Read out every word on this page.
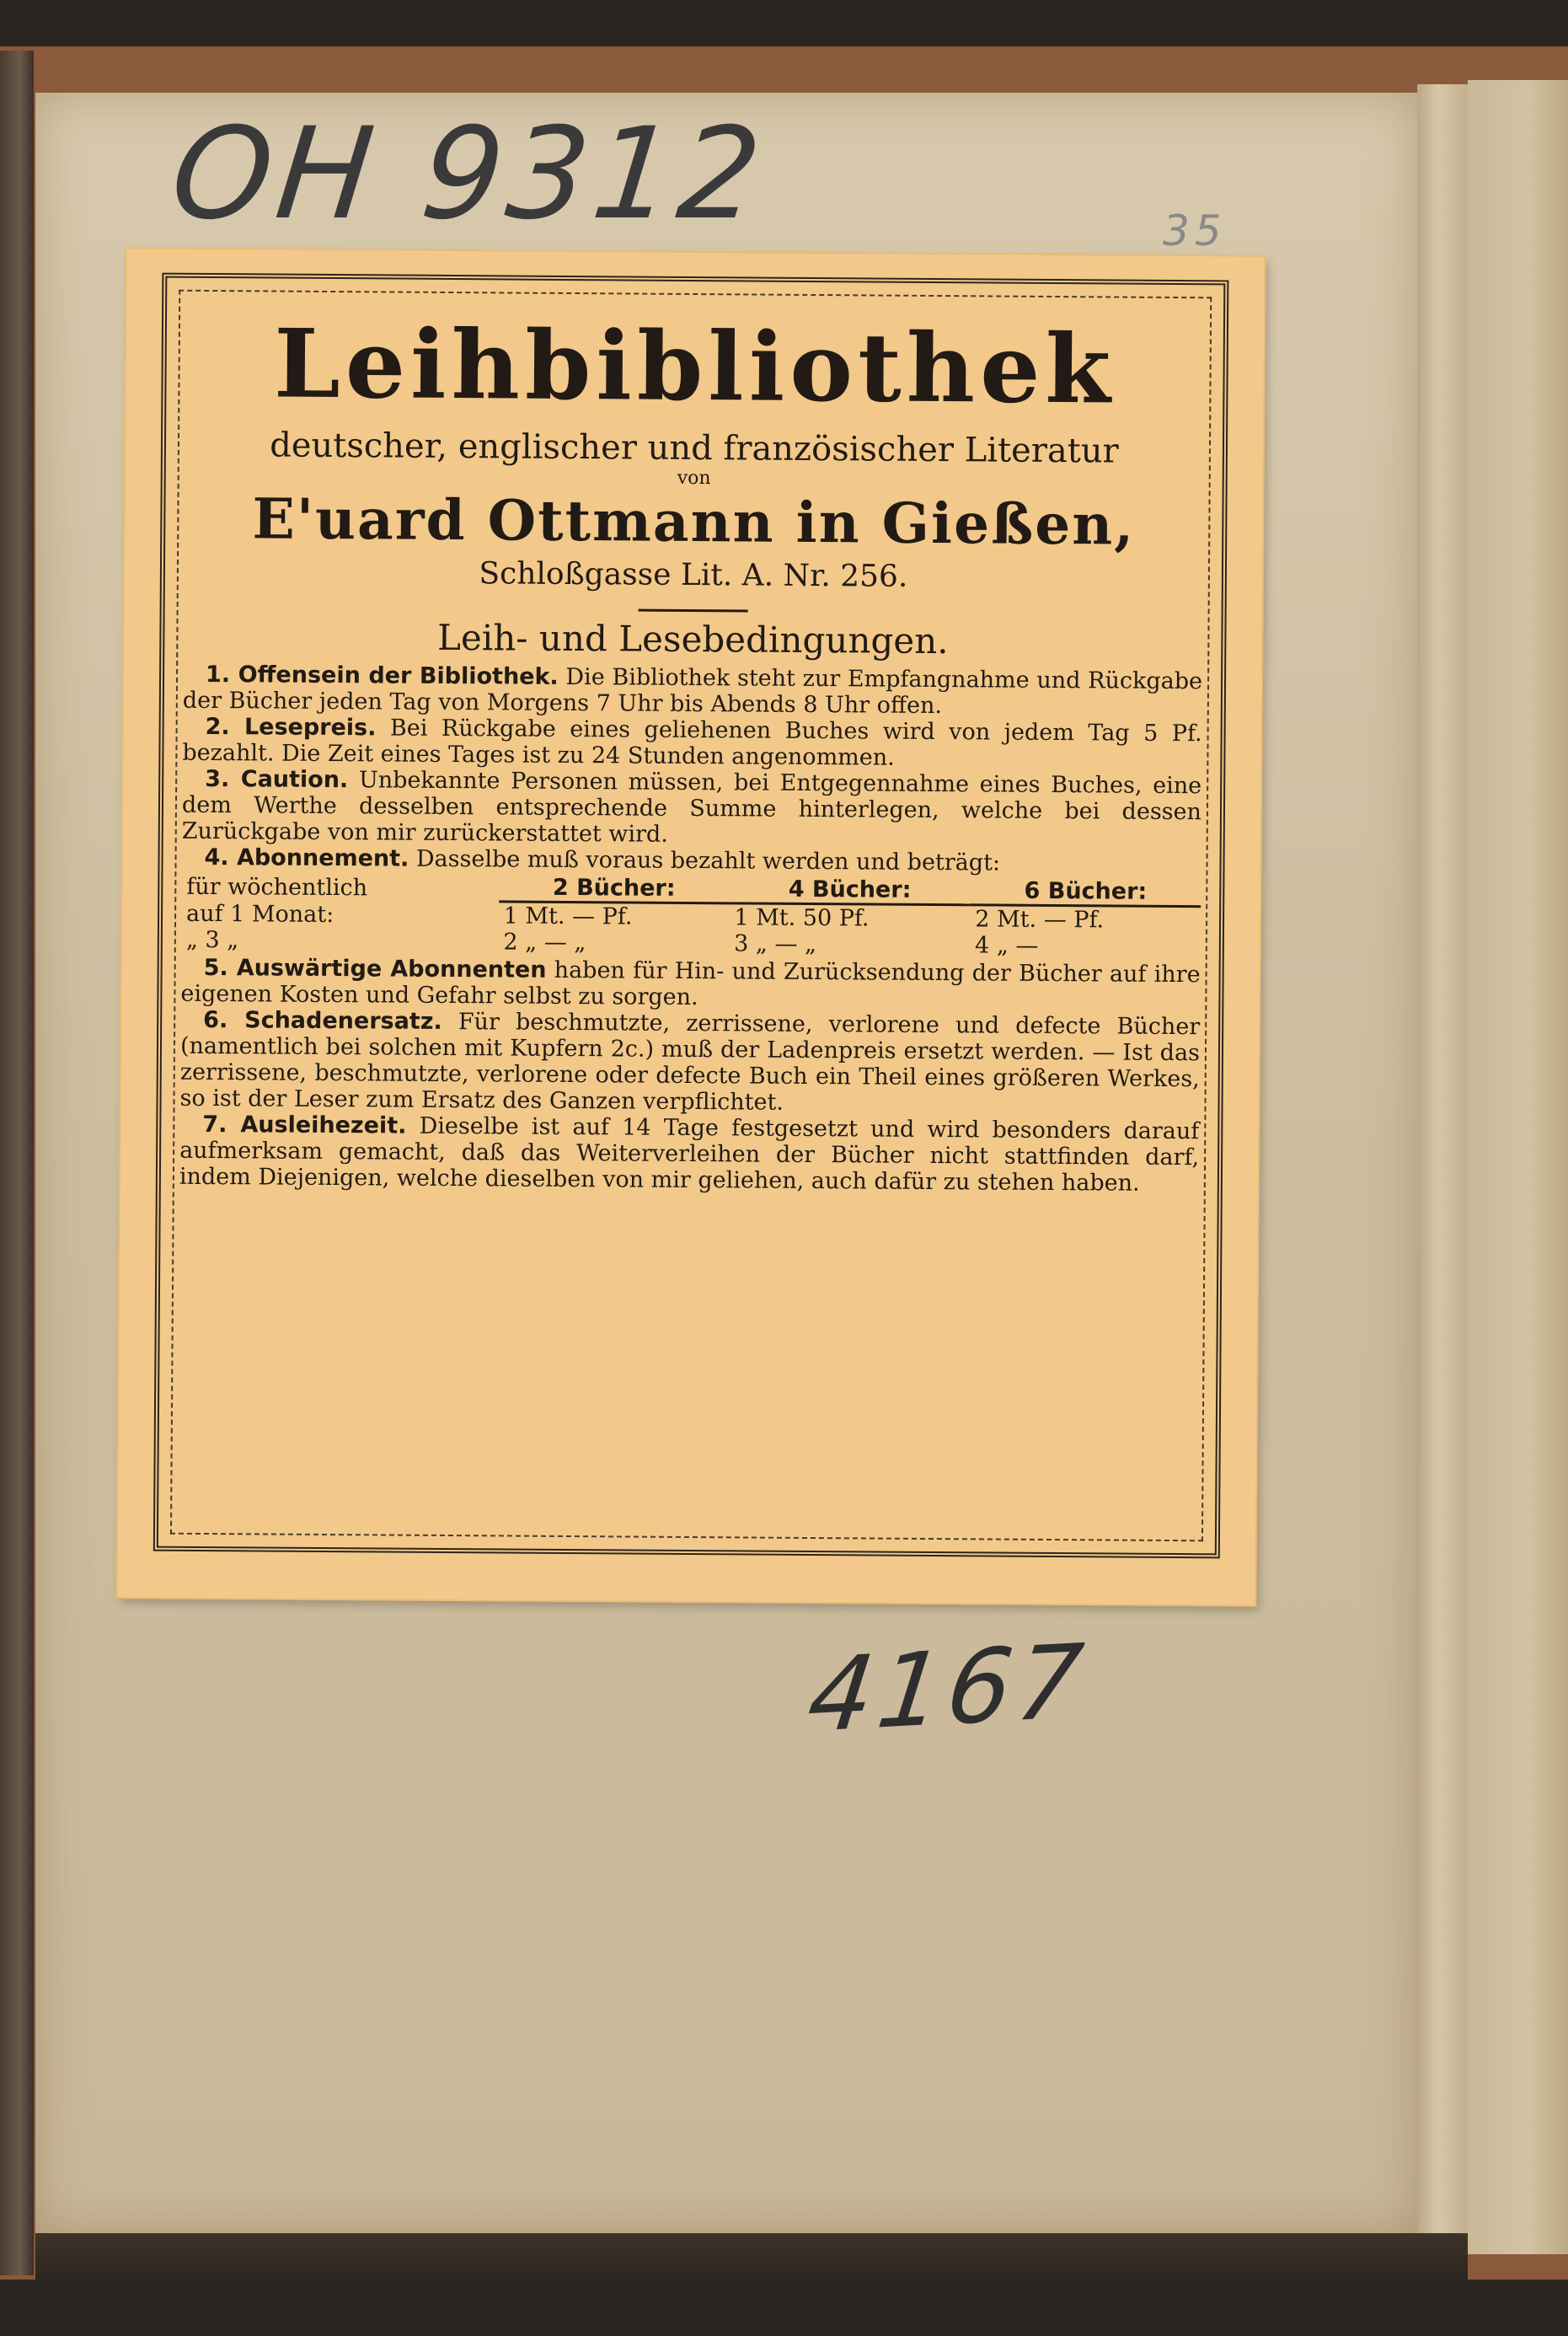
OH 9312	35
Leihbibliothek
deutscher, englischer und französischer Literatur
von
E'uard Ottmann in Gießen,
Schloßgasse Lit. A. Nr. 256.
Leih- und Lesebedingungen.

 1. Offensein der Bibliothek. Die Bibliothek steht zur Empfangnahme und Rückgabe der Bücher jeden Tag von Morgens 7 Uhr bis Abends 8 Uhr offen.

 2. Lesepreis. Bei Rückgabe eines geliehenen Buches wird von jedem Tag 5 Pf. bezahlt. Die Zeit eines Tages ist zu 24 Stunden angenommen.

 3. Caution. Unbekannte Personen müssen, bei Entgegennahme eines Buches, eine dem Werthe desselben entsprechende Summe hinterlegen, welche bei dessen Zurückgabe von mir zurückerstattet wird.

 4. Abonnement. Dasselbe muß voraus bezahlt werden und beträgt:

für wöchentlich	2 Bücher:	4 Bücher:	6 Bücher:
auf 1 Monat:	1 Mt. — Pf.	1 Mt. 50 Pf.	2 Mt. — Pf.
„ 3 „	2 „ — „	3 „ — „	4 „ —

 5. Auswärtige Abonnenten haben für Hin- und Zurücksendung der Bücher auf ihre eigenen Kosten und Gefahr selbst zu sorgen.

 6. Schadenersatz. Für beschmutzte, zerrissene, verlorene und defecte Bücher (namentlich bei solchen mit Kupfern 2c.) muß der Ladenpreis ersetzt werden. — Ist das zerrissene, beschmutzte, verlorene oder defecte Buch ein Theil eines größeren Werkes, so ist der Leser zum Ersatz des Ganzen verpflichtet.

 7. Ausleihezeit. Dieselbe ist auf 14 Tage festgesetzt und wird besonders darauf aufmerksam gemacht, daß das Weiterverleihen der Bücher nicht stattfinden darf, indem Diejenigen, welche dieselben von mir geliehen, auch dafür zu stehen haben.

4167
